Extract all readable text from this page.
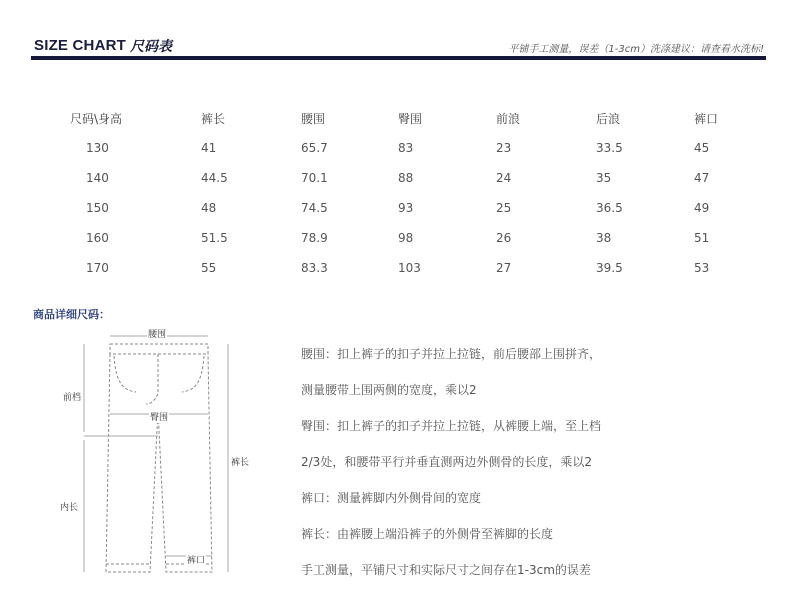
SIZE CHART 尺码表	平铺手工测量，误差（1-3cm）洗涤建议：请查看水洗标!
尺码\身高	裤长	腰围	臀围	前浪	后浪	裤口
130	41	65.7	83	23	33.5	45
140	44.5	70.1	88	24	35	47
150	48	74.5	93	25	36.5	49
160	51.5	78.9	98	26	38	51
170	55	83.3	103	27	39.5	53
商品详细尺码：
腰围
前档
臀围
裤长
内长
裤口
腰围：扣上裤子的扣子并拉上拉链，前后腰部上围拼齐，
测量腰带上围两侧的宽度，乘以2
臀围：扣上裤子的扣子并拉上拉链，从裤腰上端，至上档
2/3处，和腰带平行并垂直测两边外侧骨的长度，乘以2
裤口：测量裤脚内外侧骨间的宽度
裤长：由裤腰上端沿裤子的外侧骨至裤脚的长度
手工测量，平铺尺寸和实际尺寸之间存在1-3cm的误差
